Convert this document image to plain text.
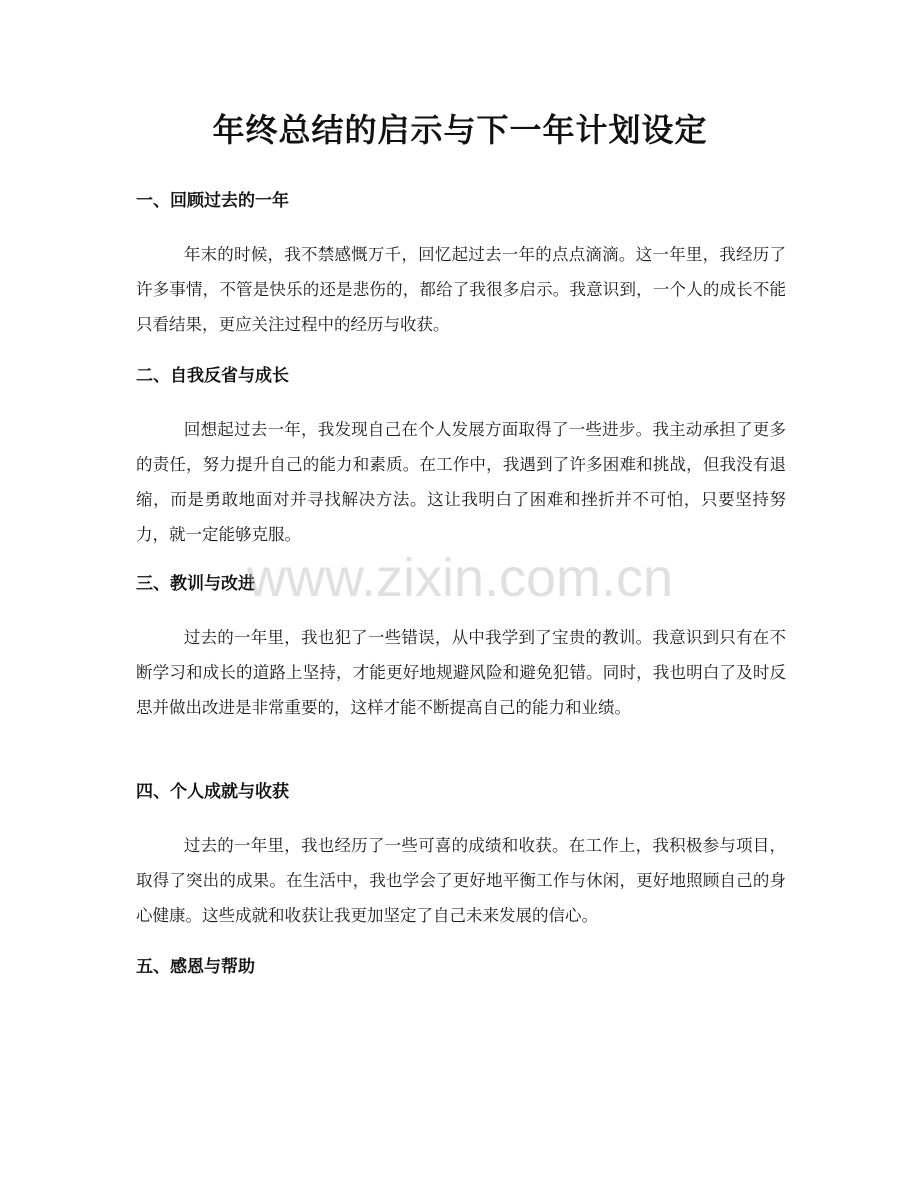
年终总结的启示与下一年计划设定
一、回顾过去的一年

年末的时候，我不禁感慨万千，回忆起过去一年的点点滴滴。这一年里，我经历了许多事情，不管是快乐的还是悲伤的，都给了我很多启示。我意识到，一个人的成长不能只看结果，更应关注过程中的经历与收获。

二、自我反省与成长

回想起过去一年，我发现自己在个人发展方面取得了一些进步。我主动承担了更多的责任，努力提升自己的能力和素质。在工作中，我遇到了许多困难和挑战，但我没有退缩，而是勇敢地面对并寻找解决方法。这让我明白了困难和挫折并不可怕，只要坚持努力，就一定能够克服。

三、教训与改进

过去的一年里，我也犯了一些错误，从中我学到了宝贵的教训。我意识到只有在不断学习和成长的道路上坚持，才能更好地规避风险和避免犯错。同时，我也明白了及时反思并做出改进是非常重要的，这样才能不断提高自己的能力和业绩。

四、个人成就与收获

过去的一年里，我也经历了一些可喜的成绩和收获。在工作上，我积极参与项目，取得了突出的成果。在生活中，我也学会了更好地平衡工作与休闲，更好地照顾自己的身心健康。这些成就和收获让我更加坚定了自己未来发展的信心。

五、感恩与帮助
www.zixin.com.cn
